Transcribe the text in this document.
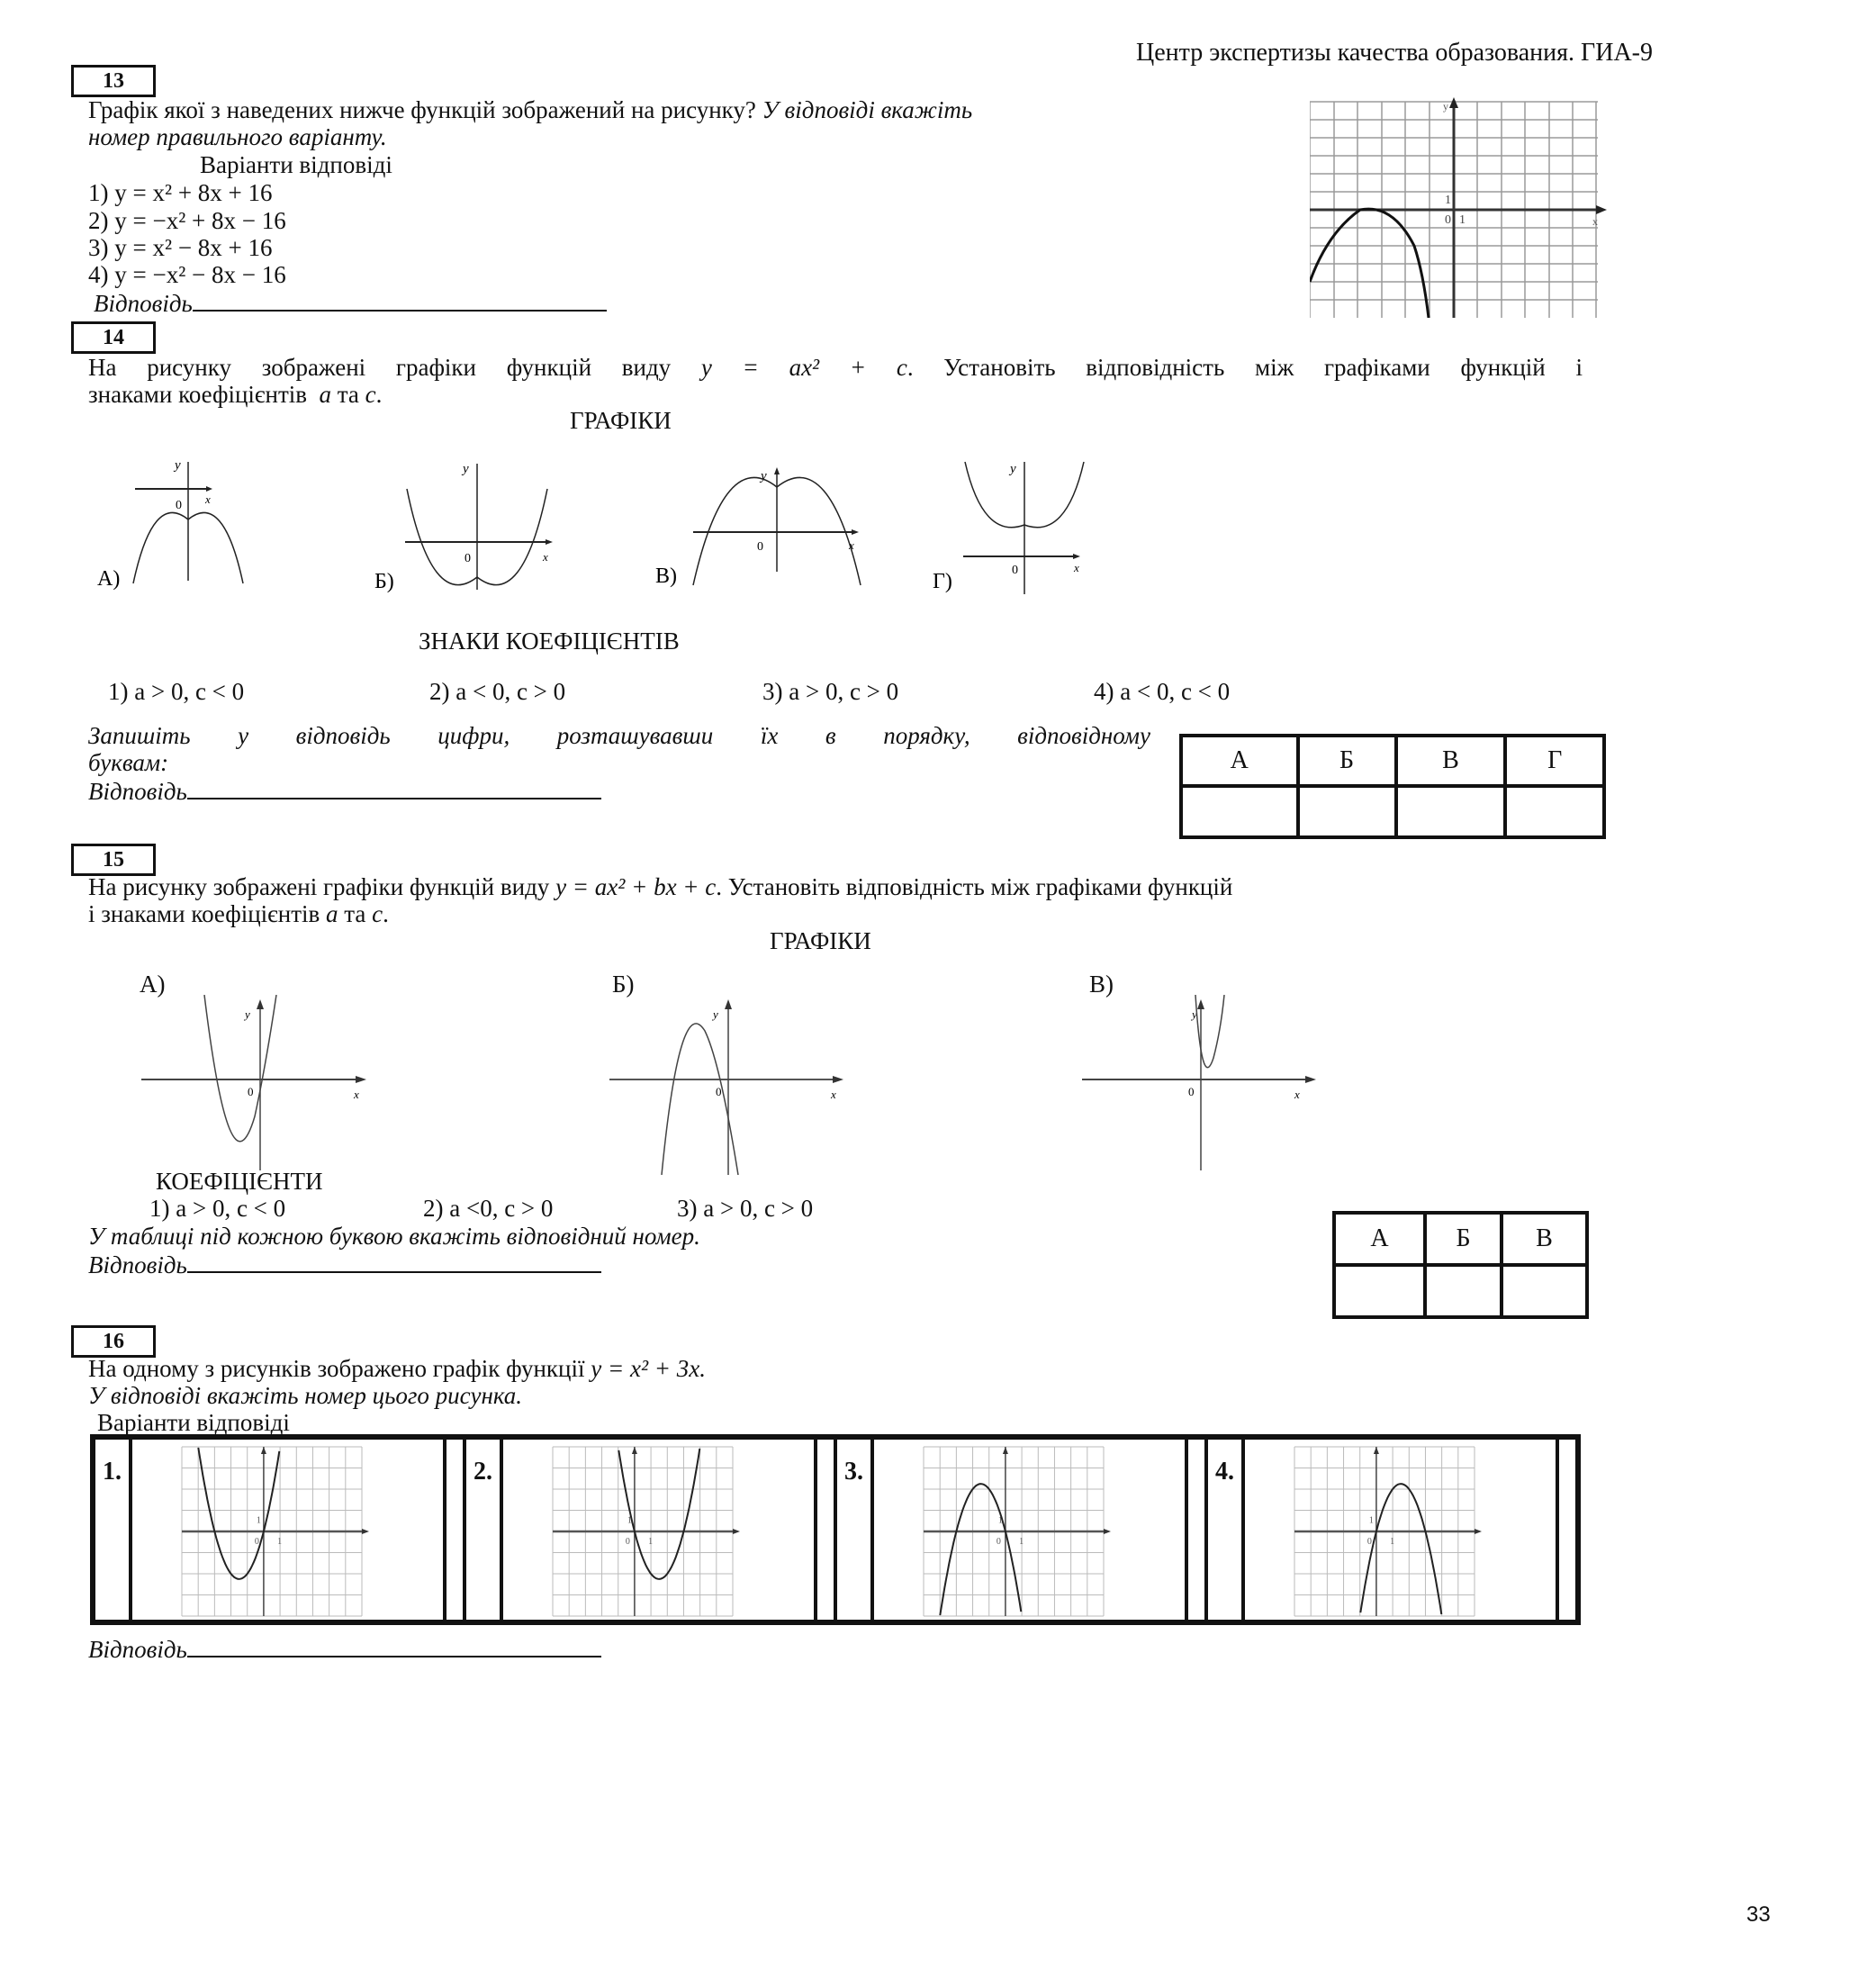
Центр экспертизы качества образования. ГИА-9
13
Графік якої з наведених нижче функцій зображений на рисунку? У відповіді вкажіть
номер правильного варіанту.
Варіанти відповіді
1) y = x² + 8x + 16
2) y = −x² + 8x − 16
3) y = x² − 8x + 16
4) y = −x² − 8x − 16
Відповідь
y
x
0 1
1
14
На рисунку зображені графіки функцій виду y = ax² + c. Установіть відповідність між графіками функцій і
знаками коефіцієнтів a та c.
ГРАФІКИ
y
x
0
А)
y
x
0
Б)
y
x
0
В)
y
x
0
Г)
ЗНАКИ КОЕФІЦІЄНТІВ
1) a > 0, c < 0	2) a < 0, c > 0	3) a > 0, c > 0	4) a < 0, c < 0
Запишіть у відповідь цифри, розташувавши їх в порядку, відповідному
буквам:
Відповідь
А	Б	В	Г

15
На рисунку зображені графіки функцій виду y = ax² + bx + c. Установіть відповідність між графіками функцій
і знаками коефіцієнтів a та c.
ГРАФІКИ
А)	Б)	В)
y
x
0
y
x
0
y
x
0
КОЕФІЦІЄНТИ
1) a > 0, c < 0	2) a <0, c > 0	3) a > 0, c > 0
У таблиці під кожною буквою вкажіть відповідний номер.
Відповідь
А	Б	В

16
На одному з рисунків зображено графік функції y = x² + 3x.
У відповіді вкажіть номер цього рисунка.
Варіанти відповіді
1.
0 1
1
2.
0 1
1
3.
0 1
1
4.
0 1
1
Відповідь
33
